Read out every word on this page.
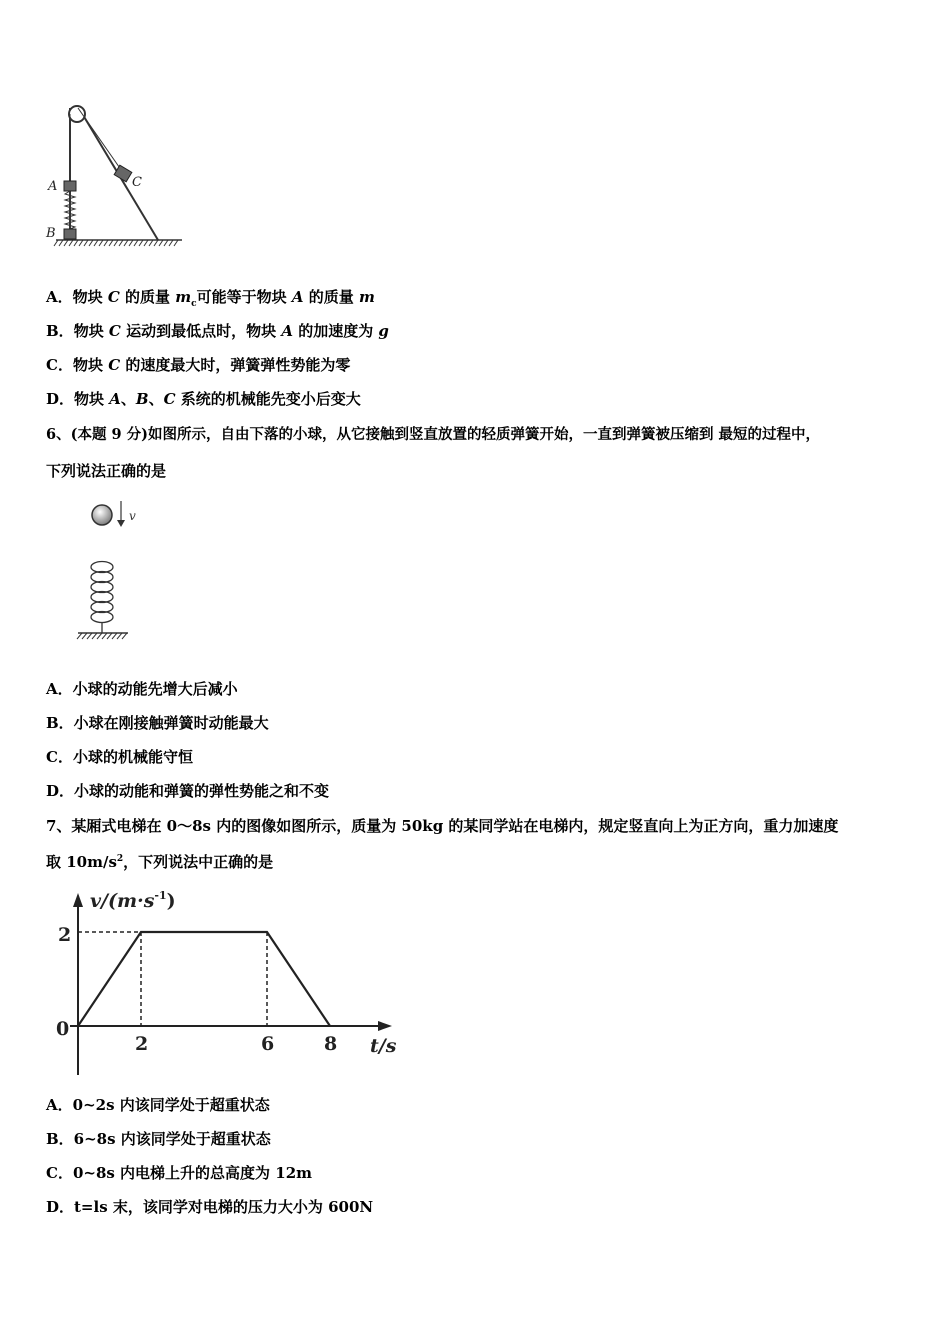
A
B
C
A．物块 C 的质量 $m_c$可能等于物块 A 的质量 m
B．物块 C 运动到最低点时，物块 A 的加速度为 g
C．物块 C 的速度最大时，弹簧弹性势能为零
D．物块 A、B、C 系统的机械能先变小后变大
6、(本题 9 分)如图所示，自由下落的小球，从它接触到竖直放置的轻质弹簧开始，一直到弹簧被压缩到 最短的过程中，
下列说法正确的是
v
A．小球的动能先增大后减小
B．小球在刚接触弹簧时动能最大
C．小球的机械能守恒
D．小球的动能和弹簧的弹性势能之和不变
7、某厢式电梯在 0～8s 内的图像如图所示，质量为 50kg 的某同学站在电梯内，规定竖直向上为正方向，重力加速度
取 $10m/s^2$，下列说法中正确的是
$v/(m\cdot s^{-1})$
t/s
0
2	6	8
2
A．0~2s 内该同学处于超重状态
B．6~8s 内该同学处于超重状态
C．0~8s 内电梯上升的总高度为 12m
D．t=ls 末，该同学对电梯的压力大小为 600N
